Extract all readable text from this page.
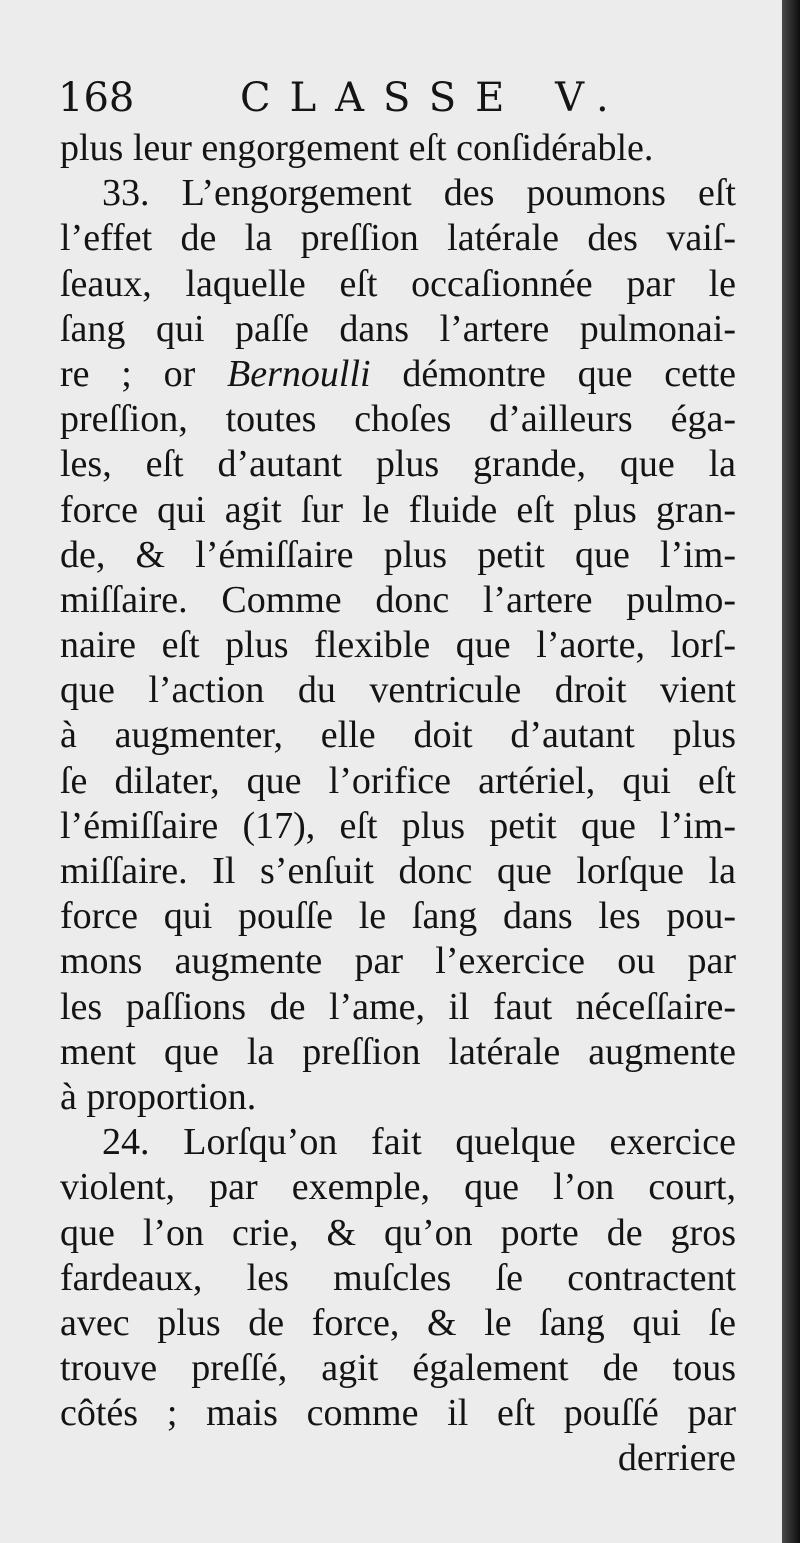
168	CLASSE V.
plus leur engorgement eſt conſidérable.
33. L’engorgement des poumons eſt
l’effet de la preſſion latérale des vaiſ-
ſeaux, laquelle eſt occaſionnée par le
ſang qui paſſe dans l’artere pulmonai-
re ; or Bernoulli démontre que cette
preſſion, toutes choſes d’ailleurs éga-
les, eſt d’autant plus grande, que la
force qui agit ſur le fluide eſt plus gran-
de, & l’émiſſaire plus petit que l’im-
miſſaire. Comme donc l’artere pulmo-
naire eſt plus flexible que l’aorte, lorſ-
que l’action du ventricule droit vient
à augmenter, elle doit d’autant plus
ſe dilater, que l’orifice artériel, qui eſt
l’émiſſaire (17), eſt plus petit que l’im-
miſſaire. Il s’enſuit donc que lorſque la
force qui pouſſe le ſang dans les pou-
mons augmente par l’exercice ou par
les paſſions de l’ame, il faut néceſſaire-
ment que la preſſion latérale augmente
à proportion.
24. Lorſqu’on fait quelque exercice
violent, par exemple, que l’on court,
que l’on crie, & qu’on porte de gros
fardeaux, les muſcles ſe contractent
avec plus de force, & le ſang qui ſe
trouve preſſé, agit également de tous
côtés ; mais comme il eſt pouſſé par
derriere
